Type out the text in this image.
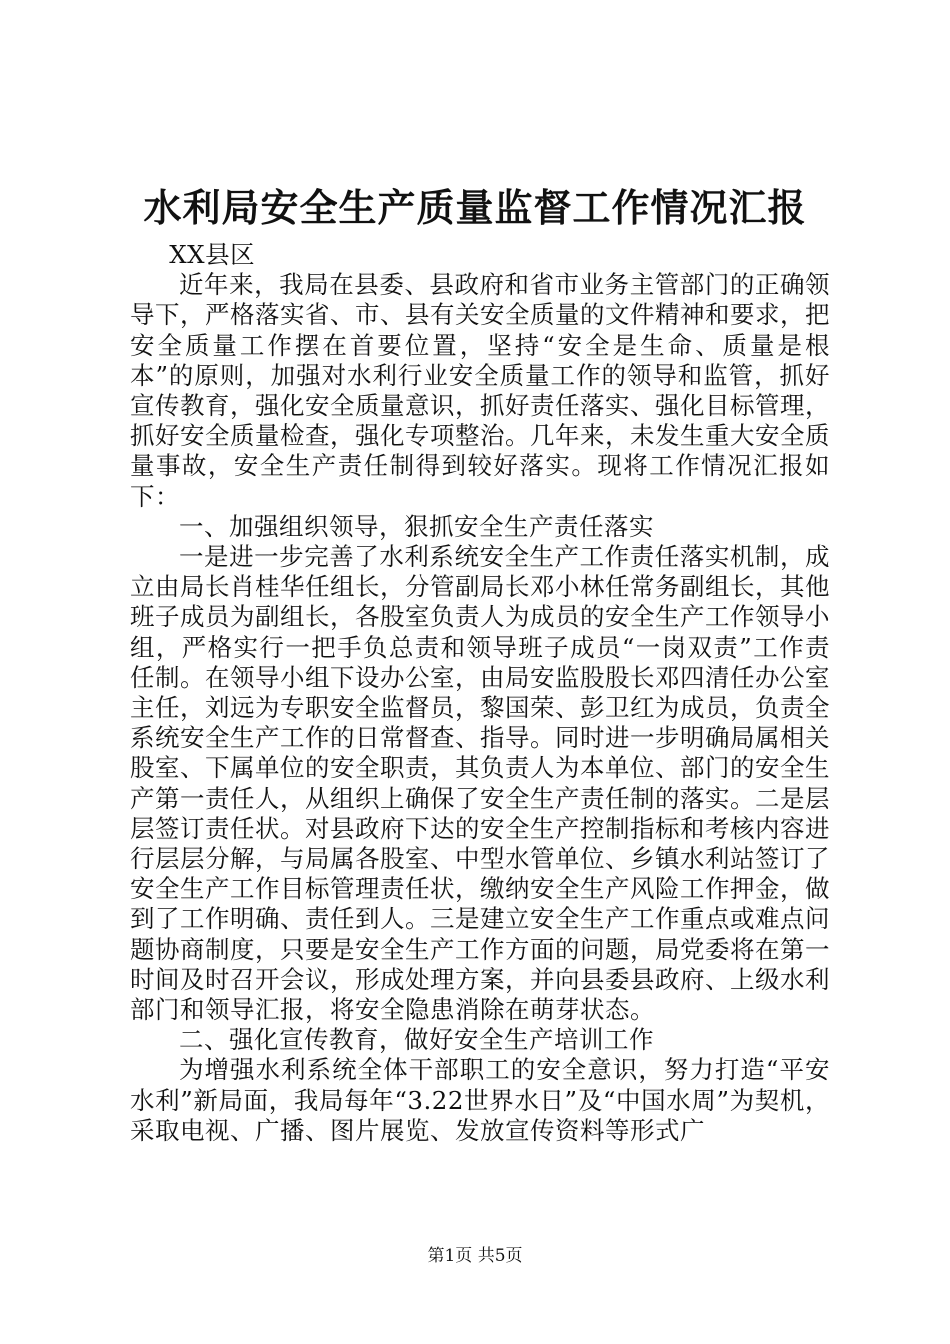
水利局安全生产质量监督工作情况汇报

XX县区

近年来，我局在县委、县政府和省市业务主管部门的正确领导下，严格落实省、市、县有关安全质量的文件精神和要求，把安全质量工作摆在首要位置，坚持“安全是生命、质量是根本”的原则，加强对水利行业安全质量工作的领导和监管，抓好宣传教育，强化安全质量意识，抓好责任落实、强化目标管理，抓好安全质量检查，强化专项整治。几年来，未发生重大安全质量事故，安全生产责任制得到较好落实。现将工作情况汇报如下：

一、加强组织领导，狠抓安全生产责任落实

一是进一步完善了水利系统安全生产工作责任落实机制，成立由局长肖桂华任组长，分管副局长邓小林任常务副组长，其他班子成员为副组长，各股室负责人为成员的安全生产工作领导小组，严格实行一把手负总责和领导班子成员“一岗双责”工作责任制。在领导小组下设办公室，由局安监股股长邓四清任办公室主任，刘远为专职安全监督员，黎国荣、彭卫红为成员，负责全系统安全生产工作的日常督查、指导。同时进一步明确局属相关股室、下属单位的安全职责，其负责人为本单位、部门的安全生产第一责任人，从组织上确保了安全生产责任制的落实。二是层层签订责任状。对县政府下达的安全生产控制指标和考核内容进行层层分解，与局属各股室、中型水管单位、乡镇水利站签订了安全生产工作目标管理责任状，缴纳安全生产风险工作押金，做到了工作明确、责任到人。三是建立安全生产工作重点或难点问题协商制度，只要是安全生产工作方面的问题，局党委将在第一时间及时召开会议，形成处理方案，并向县委县政府、上级水利部门和领导汇报，将安全隐患消除在萌芽状态。

二、强化宣传教育，做好安全生产培训工作

为增强水利系统全体干部职工的安全意识，努力打造“平安水利”新局面，我局每年“3.22世界水日”及“中国水周”为契机，采取电视、广播、图片展览、发放宣传资料等形式广

第1页 共5页
